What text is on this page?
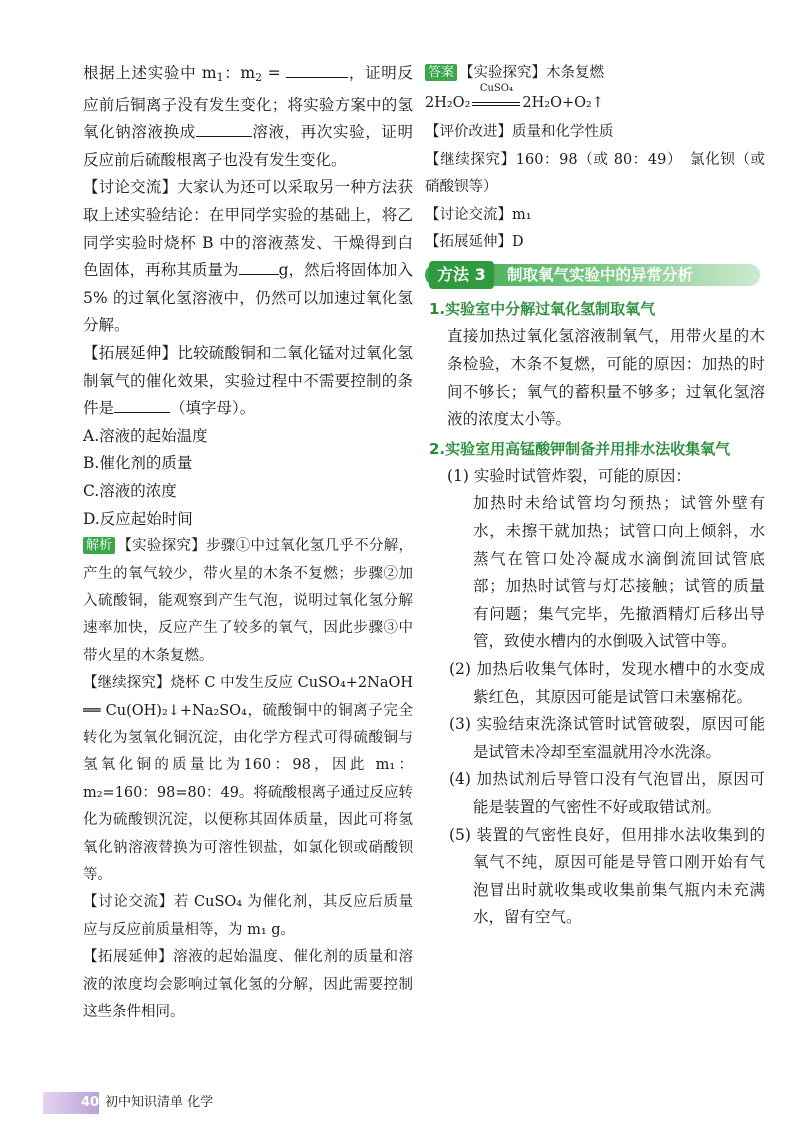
根据上述实验中 $m_1$：$m_2$ =	，证明反应前后铜离子没有发生变化；将实验方案中的氢氧化钠溶液换成	溶液，再次实验，证明反应前后硫酸根离子也没有发生变化。

【讨论交流】大家认为还可以采取另一种方法获取上述实验结论：在甲同学实验的基础上，将乙同学实验时烧杯 B 中的溶液蒸发、干燥得到白色固体，再称其质量为	g，然后将固体加入 5% 的过氧化氢溶液中，仍然可以加速过氧化氢分解。

【拓展延伸】比较硫酸铜和二氧化锰对过氧化氢制氧气的催化效果，实验过程中不需要控制的条件是	（填字母）。

A.溶液的起始温度

B.催化剂的质量

C.溶液的浓度

D.反应起始时间

解析 【实验探究】步骤①中过氧化氢几乎不分解，产生的氧气较少，带火星的木条不复燃；步骤②加入硫酸铜，能观察到产生气泡，说明过氧化氢分解速率加快，反应产生了较多的氧气，因此步骤③中带火星的木条复燃。

【继续探究】烧杯 C 中发生反应 CuSO₄+2NaOH ══ Cu(OH)₂↓+Na₂SO₄，硫酸铜中的铜离子完全转化为氢氧化铜沉淀，由化学方程式可得硫酸铜与氢氧化铜的质量比为160：98，因此 m₁：m₂=160：98=80：49。将硫酸根离子通过反应转化为硫酸钡沉淀，以便称其固体质量，因此可将氢氧化钠溶液替换为可溶性钡盐，如氯化钡或硝酸钡等。

【讨论交流】若 CuSO₄ 为催化剂，其反应后质量应与反应前质量相等，为 m₁ g。

【拓展延伸】溶液的起始温度、催化剂的质量和溶液的浓度均会影响过氧化氢的分解，因此需要控制这些条件相同。

答案 【实验探究】木条复燃

2H₂O₂
CuSO₄
2H₂O+O₂↑

【评价改进】质量和化学性质

【继续探究】160：98（或 80：49）　氯化钡（或硝酸钡等）

【讨论交流】m₁

【拓展延伸】D

方法 3	制取氧气实验中的异常分析

1.实验室中分解过氧化氢制取氧气

直接加热过氧化氢溶液制氧气，用带火星的木条检验，木条不复燃，可能的原因：加热的时间不够长；氧气的蓄积量不够多；过氧化氢溶液的浓度太小等。

2.实验室用高锰酸钾制备并用排水法收集氧气

(1) 实验时试管炸裂，可能的原因：

加热时未给试管均匀预热；试管外壁有水，未擦干就加热；试管口向上倾斜，水蒸气在管口处冷凝成水滴倒流回试管底部；加热时试管与灯芯接触；试管的质量有问题；集气完毕，先撤酒精灯后移出导管，致使水槽内的水倒吸入试管中等。

(2) 加热后收集气体时，发现水槽中的水变成紫红色，其原因可能是试管口未塞棉花。

(3) 实验结束洗涤试管时试管破裂，原因可能是试管未冷却至室温就用冷水洗涤。

(4) 加热试剂后导管口没有气泡冒出，原因可能是装置的气密性不好或取错试剂。

(5) 装置的气密性良好，但用排水法收集到的氧气不纯，原因可能是导管口刚开始有气泡冒出时就收集或收集前集气瓶内未充满水，留有空气。

40 初中知识清单 化学
